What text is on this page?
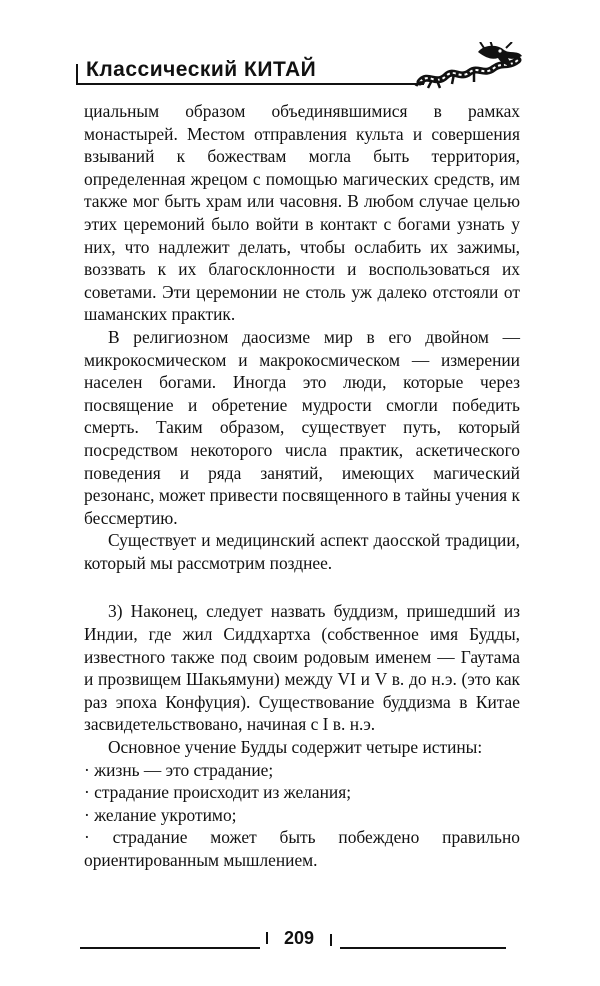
Классический КИТАЙ

циальным образом объединявшимися в рамках монастырей. Местом отправления культа и совершения взываний к божествам могла быть территория, определенная жрецом с помощью магических средств, им также мог быть храм или часовня. В любом случае целью этих церемоний было войти в контакт с богами узнать у них, что надлежит делать, чтобы ослабить их зажимы, воззвать к их благосклонности и воспользоваться их советами. Эти церемонии не столь уж далеко отстояли от шаманских практик.

В религиозном даосизме мир в его двойном — микрокосмическом и макрокосмическом — измерении населен богами. Иногда это люди, которые через посвящение и обретение мудрости смогли победить смерть. Таким образом, существует путь, который посредством некоторого числа практик, аскетического поведения и ряда занятий, имеющих магический резонанс, может привести посвященного в тайны учения к бессмертию.

Существует и медицинский аспект даосской традиции, который мы рассмотрим позднее.

3) Наконец, следует назвать буддизм, пришедший из Индии, где жил Сиддхартха (собственное имя Будды, известного также под своим родовым именем — Гаутама и прозвищем Шакьямуни) между VI и V в. до н.э. (это как раз эпоха Конфуция). Существование буддизма в Китае засвидетельствовано, начиная с I в. н.э.

Основное учение Будды содержит четыре истины:

· жизнь — это страдание;

· страдание происходит из желания;

· желание укротимо;

· страдание может быть побеждено правильно ориентированным мышлением.

209
